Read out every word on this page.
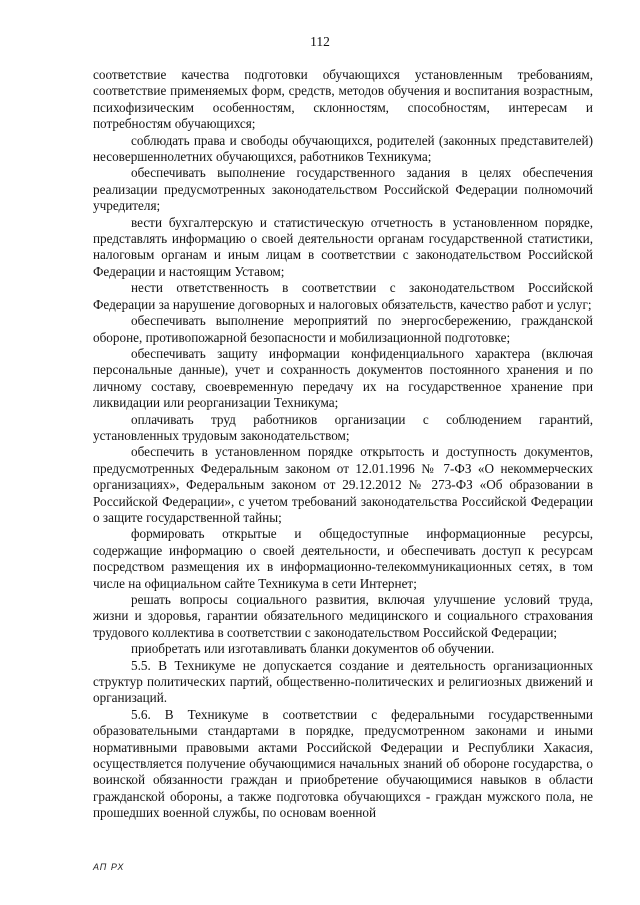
112

соответствие качества подготовки обучающихся установленным требованиям, соответствие применяемых форм, средств, методов обучения и воспитания возрастным, психофизическим особенностям, склонностям, способностям, интересам и потребностям обучающихся;

соблюдать права и свободы обучающихся, родителей (законных представителей) несовершеннолетних обучающихся, работников Техникума;

обеспечивать выполнение государственного задания в целях обеспечения реализации предусмотренных законодательством Российской Федерации полномочий учредителя;

вести бухгалтерскую и статистическую отчетность в установленном порядке, представлять информацию о своей деятельности органам государственной статистики, налоговым органам и иным лицам в соответствии с законодательством Российской Федерации и настоящим Уставом;

нести ответственность в соответствии с законодательством Российской Федерации за нарушение договорных и налоговых обязательств, качество работ и услуг;

обеспечивать выполнение мероприятий по энергосбережению, гражданской обороне, противопожарной безопасности и мобилизационной подготовке;

обеспечивать защиту информации конфиденциального характера (включая персональные данные), учет и сохранность документов постоянного хранения и по личному составу, своевременную передачу их на государственное хранение при ликвидации или реорганизации Техникума;

оплачивать труд работников организации с соблюдением гарантий, установленных трудовым законодательством;

обеспечить в установленном порядке открытость и доступность документов, предусмотренных Федеральным законом от 12.01.1996 № 7-ФЗ «О некоммерческих организациях», Федеральным законом от 29.12.2012 № 273-ФЗ «Об образовании в Российской Федерации», с учетом требований законодательства Российской Федерации о защите государственной тайны;

формировать открытые и общедоступные информационные ресурсы, содержащие информацию о своей деятельности, и обеспечивать доступ к ресурсам посредством размещения их в информационно-телекоммуникационных сетях, в том числе на официальном сайте Техникума в сети Интернет;

решать вопросы социального развития, включая улучшение условий труда, жизни и здоровья, гарантии обязательного медицинского и социального страхования трудового коллектива в соответствии с законодательством Российской Федерации;

приобретать или изготавливать бланки документов об обучении.

5.5. В Техникуме не допускается создание и деятельность организационных структур политических партий, общественно-политических и религиозных движений и организаций.

5.6. В Техникуме в соответствии с федеральными государственными образовательными стандартами в порядке, предусмотренном законами и иными нормативными правовыми актами Российской Федерации и Республики Хакасия, осуществляется получение обучающимися начальных знаний об обороне государства, о воинской обязанности граждан и приобретение обучающимися навыков в области гражданской обороны, а также подготовка обучающихся - граждан мужского пола, не прошедших военной службы, по основам военной

АП РХ
